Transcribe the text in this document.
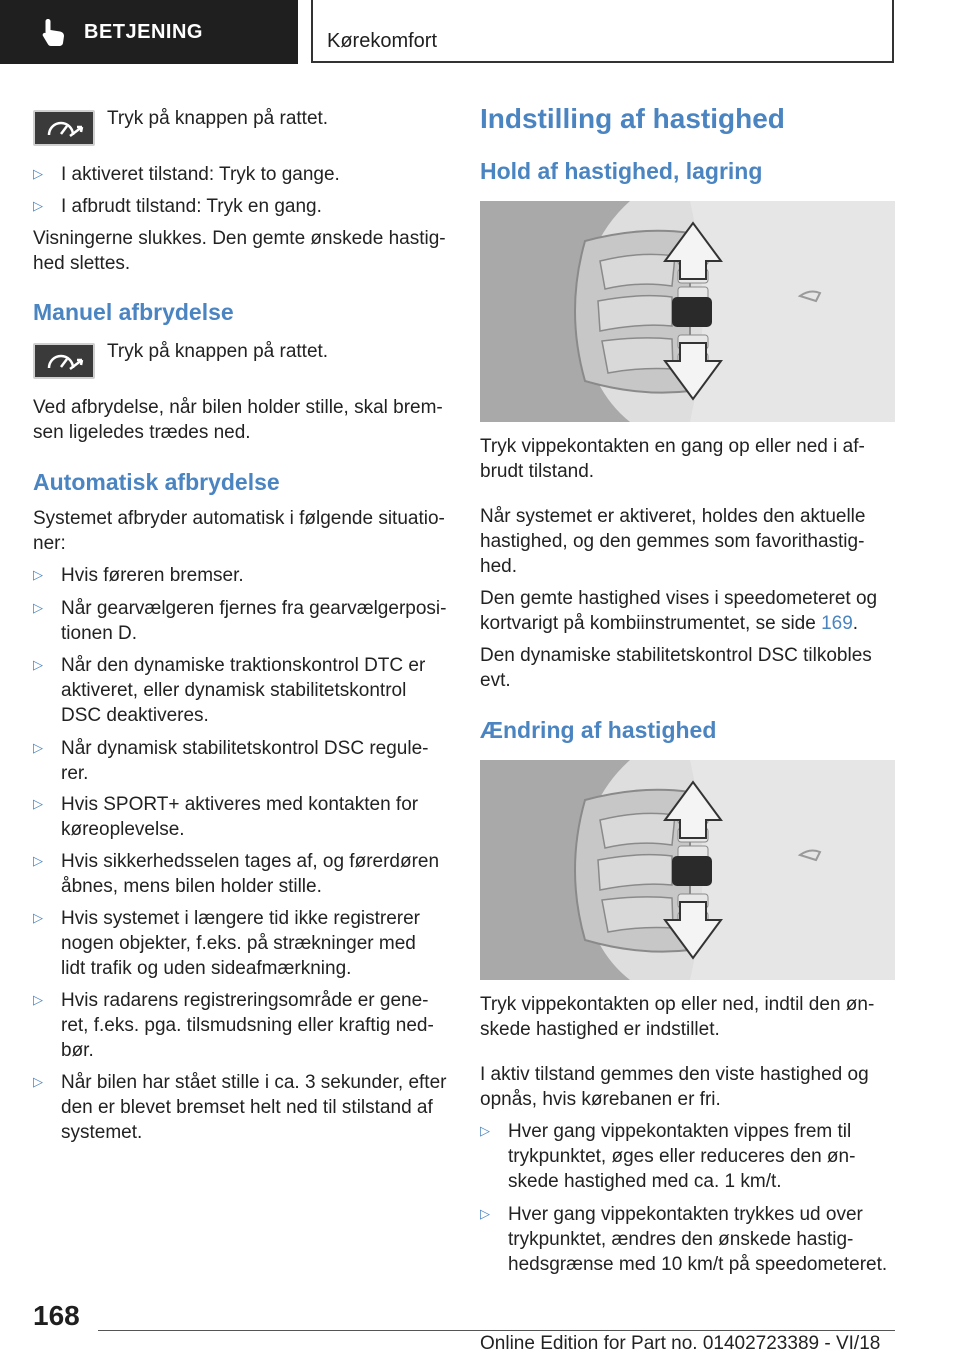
BETJENING	Kørekomfort

Tryk på knappen på rattet.

▷ I aktiveret tilstand: Tryk to gange.
▷ I afbrudt tilstand: Tryk en gang.

Visningerne slukkes. Den gemte ønskede hastig-
hed slettes.

Manuel afbrydelse

Tryk på knappen på rattet.

Ved afbrydelse, når bilen holder stille, skal brem-
sen ligeledes trædes ned.

Automatisk afbrydelse

Systemet afbryder automatisk i følgende situatio-
ner:

▷ Hvis føreren bremser.
▷ Når gearvælgeren fjernes fra gearvælgerposi-
tionen D.
▷ Når den dynamiske traktionskontrol DTC er
aktiveret, eller dynamisk stabilitetskontrol
DSC deaktiveres.
▷ Når dynamisk stabilitetskontrol DSC regule-
rer.
▷ Hvis SPORT+ aktiveres med kontakten for
køreoplevelse.
▷ Hvis sikkerhedsselen tages af, og førerdøren
åbnes, mens bilen holder stille.
▷ Hvis systemet i længere tid ikke registrerer
nogen objekter, f.eks. på strækninger med
lidt trafik og uden sideafmærkning.
▷ Hvis radarens registreringsområde er gene-
ret, f.eks. pga. tilsmudsning eller kraftig ned-
bør.
▷ Når bilen har stået stille i ca. 3 sekunder, efter
den er blevet bremset helt ned til stilstand af
systemet.
Indstilling af hastighed
Hold af hastighed, lagring

Tryk vippekontakten en gang op eller ned i af-
brudt tilstand.

Når systemet er aktiveret, holdes den aktuelle
hastighed, og den gemmes som favorithastig-
hed.

Den gemte hastighed vises i speedometeret og
kortvarigt på kombiinstrumentet, se side 169.

Den dynamiske stabilitetskontrol DSC tilkobles
evt.

Ændring af hastighed

Tryk vippekontakten op eller ned, indtil den øn-
skede hastighed er indstillet.

I aktiv tilstand gemmes den viste hastighed og
opnås, hvis kørebanen er fri.

▷ Hver gang vippekontakten vippes frem til
trykpunktet, øges eller reduceres den øn-
skede hastighed med ca. 1 km/t.
▷ Hver gang vippekontakten trykkes ud over
trykpunktet, ændres den ønskede hastig-
hedsgrænse med 10 km/t på speedometeret.
168
Online Edition for Part no. 01402723389 - VI/18
